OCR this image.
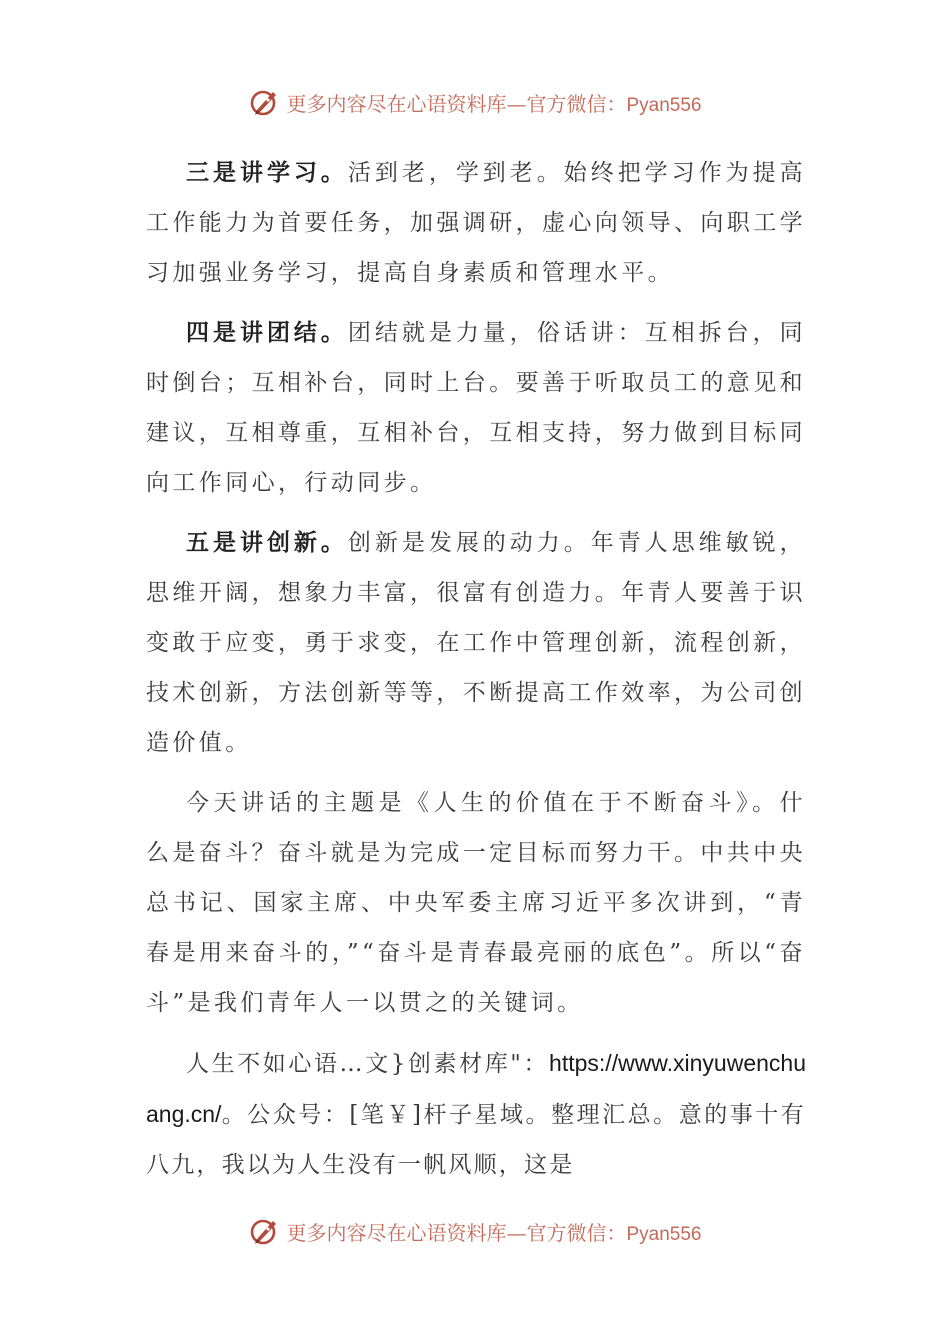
更多内容尽在心语资料库—官方微信：Pyan556

三是讲学习。活到老，学到老。始终把学习作为提高工作能力为首要任务，加强调研，虚心向领导、向职工学习加强业务学习，提高自身素质和管理水平。

四是讲团结。团结就是力量，俗话讲：互相拆台，同时倒台；互相补台，同时上台。要善于听取员工的意见和建议，互相尊重，互相补台，互相支持，努力做到目标同向工作同心，行动同步。

五是讲创新。创新是发展的动力。年青人思维敏锐，思维开阔，想象力丰富，很富有创造力。年青人要善于识变敢于应变，勇于求变，在工作中管理创新，流程创新，技术创新，方法创新等等，不断提高工作效率，为公司创造价值。

今天讲话的主题是《人生的价值在于不断奋斗》。什么是奋斗？奋斗就是为完成一定目标而努力干。中共中央总书记、国家主席、中央军委主席习近平多次讲到，“青春是用来奋斗的，”“奋斗是青春最亮丽的底色”。所以“奋斗”是我们青年人一以贯之的关键词。

人生不如心语…文}创素材库"：https://www.xinyuwenchuang.cn/。公众号：[笔￥]杆子星域。整理汇总。意的事十有八九，我以为人生没有一帆风顺，这是

更多内容尽在心语资料库—官方微信：Pyan556
